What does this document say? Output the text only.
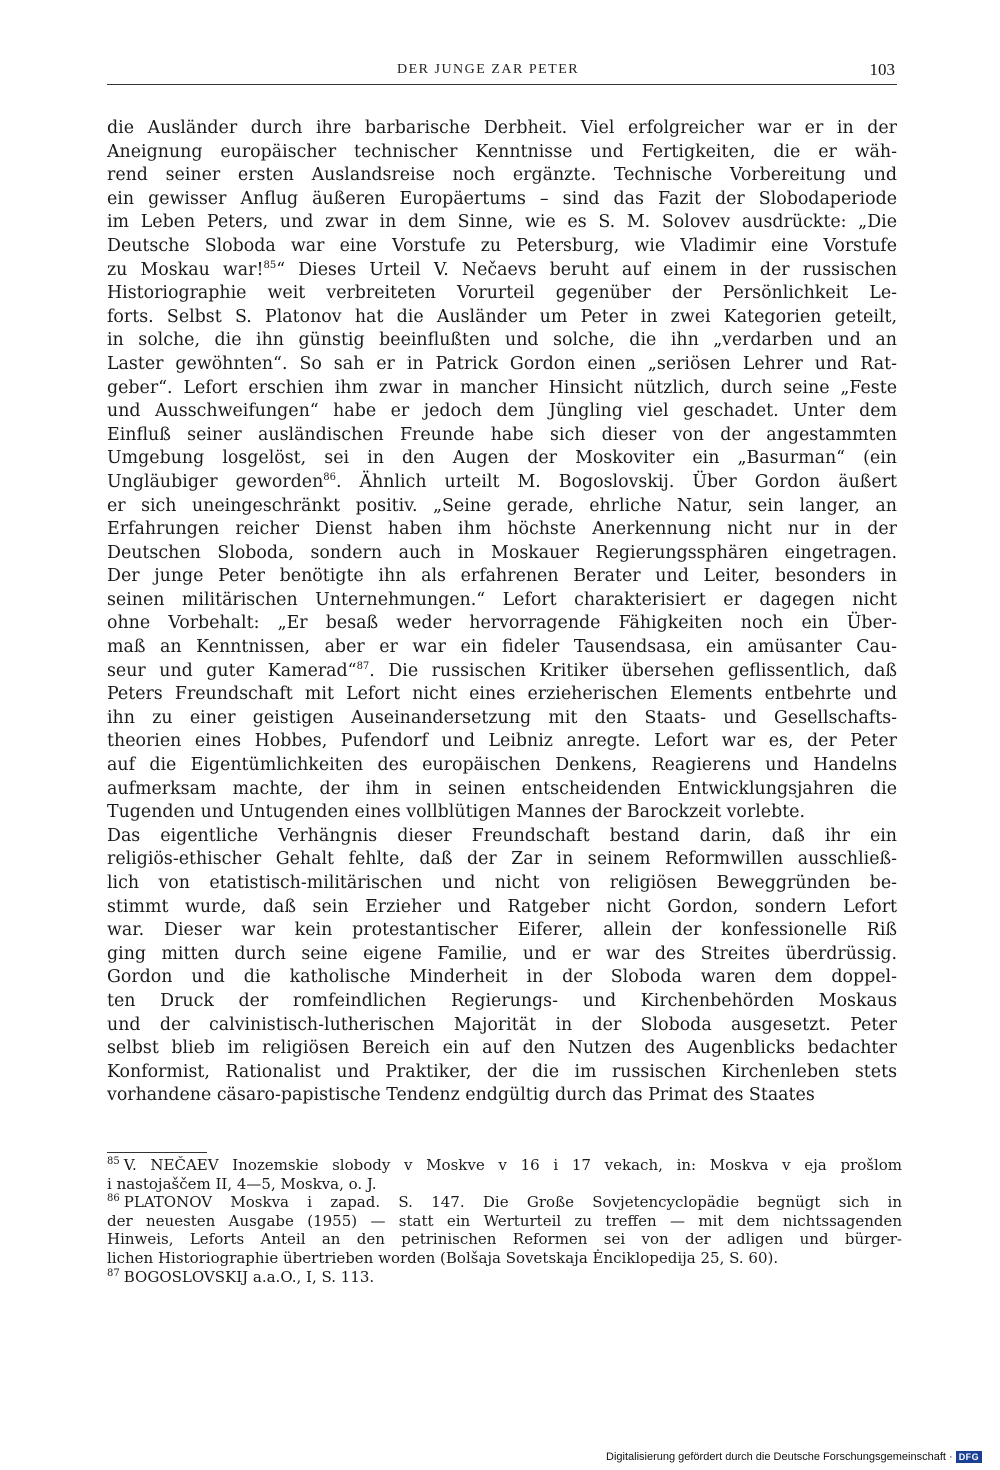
DER JUNGE ZAR PETER	103
die Ausländer durch ihre barbarische Derbheit. Viel erfolgreicher war er in der
Aneignung europäischer technischer Kenntnisse und Fertigkeiten, die er wäh-
rend seiner ersten Auslandsreise noch ergänzte. Technische Vorbereitung und
ein gewisser Anflug äußeren Europäertums – sind das Fazit der Slobodaperiode
im Leben Peters, und zwar in dem Sinne, wie es S. M. Solovev ausdrückte: „Die
Deutsche Sloboda war eine Vorstufe zu Petersburg, wie Vladimir eine Vorstufe
zu Moskau war!$^{85}$“ Dieses Urteil V. Nečaevs beruht auf einem in der russischen
Historiographie weit verbreiteten Vorurteil gegenüber der Persönlichkeit Le-
forts. Selbst S. Platonov hat die Ausländer um Peter in zwei Kategorien geteilt,
in solche, die ihn günstig beeinflußten und solche, die ihn „verdarben und an
Laster gewöhnten“. So sah er in Patrick Gordon einen „seriösen Lehrer und Rat-
geber“. Lefort erschien ihm zwar in mancher Hinsicht nützlich, durch seine „Feste
und Ausschweifungen“ habe er jedoch dem Jüngling viel geschadet. Unter dem
Einfluß seiner ausländischen Freunde habe sich dieser von der angestammten
Umgebung losgelöst, sei in den Augen der Moskoviter ein „Basurman“ (ein
Ungläubiger geworden$^{86}$. Ähnlich urteilt M. Bogoslovskij. Über Gordon äußert
er sich uneingeschränkt positiv. „Seine gerade, ehrliche Natur, sein langer, an
Erfahrungen reicher Dienst haben ihm höchste Anerkennung nicht nur in der
Deutschen Sloboda, sondern auch in Moskauer Regierungssphären eingetragen.
Der junge Peter benötigte ihn als erfahrenen Berater und Leiter, besonders in
seinen militärischen Unternehmungen.“ Lefort charakterisiert er dagegen nicht
ohne Vorbehalt: „Er besaß weder hervorragende Fähigkeiten noch ein Über-
maß an Kenntnissen, aber er war ein fideler Tausendsasa, ein amüsanter Cau-
seur und guter Kamerad“$^{87}$. Die russischen Kritiker übersehen geflissentlich, daß
Peters Freundschaft mit Lefort nicht eines erzieherischen Elements entbehrte und
ihn zu einer geistigen Auseinandersetzung mit den Staats- und Gesellschafts-
theorien eines Hobbes, Pufendorf und Leibniz anregte. Lefort war es, der Peter
auf die Eigentümlichkeiten des europäischen Denkens, Reagierens und Handelns
aufmerksam machte, der ihm in seinen entscheidenden Entwicklungsjahren die
Tugenden und Untugenden eines vollblütigen Mannes der Barockzeit vorlebte.
Das eigentliche Verhängnis dieser Freundschaft bestand darin, daß ihr ein
religiös-ethischer Gehalt fehlte, daß der Zar in seinem Reformwillen ausschließ-
lich von etatistisch-militärischen und nicht von religiösen Beweggründen be-
stimmt wurde, daß sein Erzieher und Ratgeber nicht Gordon, sondern Lefort
war. Dieser war kein protestantischer Eiferer, allein der konfessionelle Riß
ging mitten durch seine eigene Familie, und er war des Streites überdrüssig.
Gordon und die katholische Minderheit in der Sloboda waren dem doppel-
ten Druck der romfeindlichen Regierungs- und Kirchenbehörden Moskaus
und der calvinistisch-lutherischen Majorität in der Sloboda ausgesetzt. Peter
selbst blieb im religiösen Bereich ein auf den Nutzen des Augenblicks bedachter
Konformist, Rationalist und Praktiker, der die im russischen Kirchenleben stets
vorhandene cäsaro-papistische Tendenz endgültig durch das Primat des Staates
$^{85}$ V. NEČAEV Inozemskie slobody v Moskve v 16 i 17 vekach, in: Moskva v eja prošlom
i nastojaščem II, 4—5, Moskva, o. J.
$^{86}$ PLATONOV Moskva i zapad. S. 147. Die Große Sovjetencyclopädie begnügt sich in
der neuesten Ausgabe (1955) — statt ein Werturteil zu treffen — mit dem nichtssagenden
Hinweis, Leforts Anteil an den petrinischen Reformen sei von der adligen und bürger-
lichen Historiographie übertrieben worden (Bolšaja Sovetskaja Ėnciklopedija 25, S. 60).
$^{87}$ BOGOSLOVSKIJ a.a.O., I, S. 113.
Digitalisierung gefördert durch die Deutsche Forschungsgemeinschaft · DFG
